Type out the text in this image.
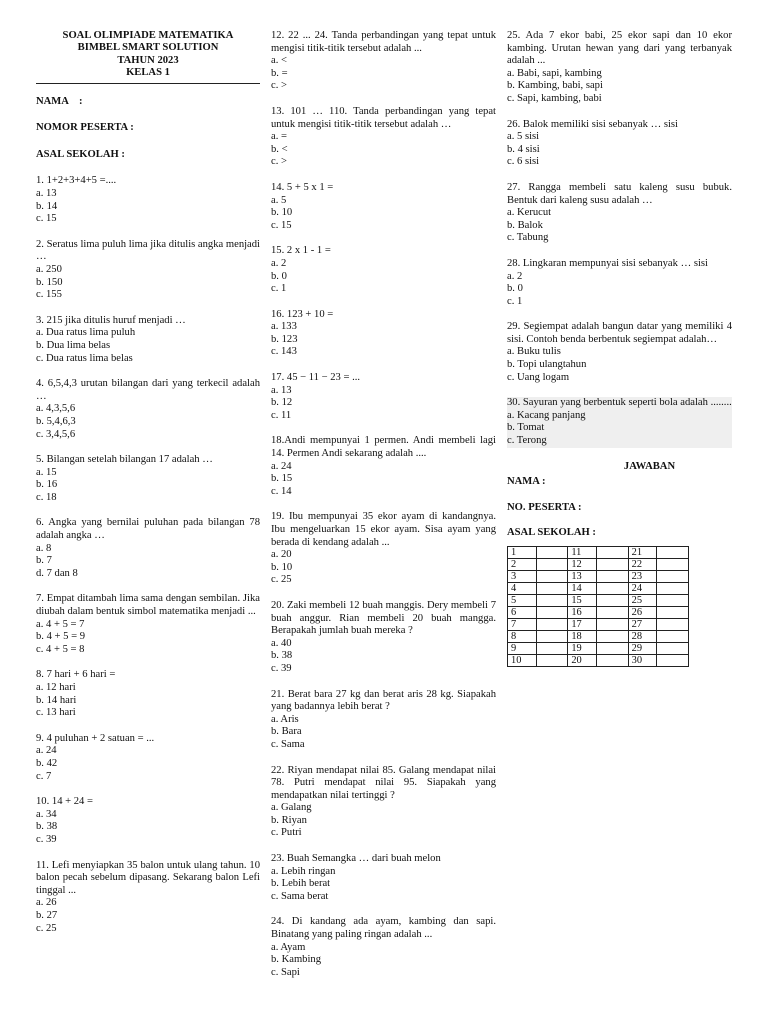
SOAL OLIMPIADE MATEMATIKA
BIMBEL SMART SOLUTION
TAHUN 2023
KELAS 1
NAMA    :
NOMOR PESERTA :
ASAL SEKOLAH :
1. 1+2+3+4+5 =....
a. 13
b. 14
c. 15
2. Seratus lima puluh lima jika ditulis angka menjadi …
a. 250
b. 150
c. 155
3. 215 jika ditulis huruf menjadi …
a. Dua ratus lima puluh
b. Dua lima belas
c. Dua ratus lima belas
4. 6,5,4,3 urutan bilangan dari yang terkecil adalah …
a. 4,3,5,6
b. 5,4,6,3
c. 3,4,5,6
5. Bilangan setelah bilangan 17 adalah …
a. 15
b. 16
c. 18
6. Angka yang bernilai puluhan pada bilangan 78 adalah angka …
a. 8
b. 7
d. 7 dan 8
7. Empat ditambah lima sama dengan sembilan. Jika diubah dalam bentuk simbol matematika menjadi ...
a. 4 + 5 = 7
b. 4 + 5 = 9
c. 4 + 5 = 8
8. 7 hari + 6 hari =
a. 12 hari
b. 14 hari
c. 13 hari
9. 4 puluhan + 2 satuan = ...
a. 24
b. 42
c. 7
10. 14 + 24 =
a. 34
b. 38
c. 39
11. Lefi menyiapkan 35 balon untuk ulang tahun. 10 balon pecah sebelum dipasang. Sekarang balon Lefi tinggal ...
a. 26
b. 27
c. 25
12. 22 ... 24. Tanda perbandingan yang tepat untuk mengisi titik-titik tersebut adalah ...
a. <
b. =
c. >
13. 101 … 110. Tanda perbandingan yang tepat untuk mengisi titik-titik tersebut adalah …
a. =
b. <
c. >
14. 5 + 5 x 1 =
a. 5
b. 10
c. 15
15. 2 x 1 - 1 =
a. 2
b. 0
c. 1
16. 123 + 10 =
a. 133
b. 123
c. 143
17. 45 − 11 − 23 = ...
a. 13
b. 12
c. 11
18.Andi mempunyai 1 permen. Andi membeli lagi 14. Permen Andi sekarang adalah ....
a. 24
b. 15
c. 14
19. Ibu mempunyai 35 ekor ayam di kandangnya. Ibu mengeluarkan 15 ekor ayam. Sisa ayam yang berada di kendang adalah ...
a. 20
b. 10
c. 25
20. Zaki membeli 12 buah manggis. Dery membeli 7 buah anggur. Rian membeli 20 buah mangga. Berapakah jumlah buah mereka ?
a. 40
b. 38
c. 39
21. Berat bara 27 kg dan berat aris 28 kg. Siapakah yang badannya lebih berat ?
a. Aris
b. Bara
c. Sama
22. Riyan mendapat nilai 85. Galang mendapat nilai 78. Putri mendapat nilai 95. Siapakah yang mendapatkan nilai tertinggi ?
a. Galang
b. Riyan
c. Putri
23. Buah Semangka … dari buah melon
a. Lebih ringan
b. Lebih berat
c. Sama berat
24. Di kandang ada ayam, kambing dan sapi. Binatang yang paling ringan adalah ...
a. Ayam
b. Kambing
c. Sapi
25. Ada 7 ekor babi, 25 ekor sapi dan 10 ekor kambing. Urutan hewan yang dari yang terbanyak adalah ...
a. Babi, sapi, kambing
b. Kambing, babi, sapi
c. Sapi, kambing, babi
26. Balok memiliki sisi sebanyak … sisi
a. 5 sisi
b. 4 sisi
c. 6 sisi
27. Rangga membeli satu kaleng susu bubuk. Bentuk dari kaleng susu adalah …
a. Kerucut
b. Balok
c. Tabung
28. Lingkaran mempunyai sisi sebanyak … sisi
a. 2
b. 0
c. 1
29. Segiempat adalah bangun datar yang memiliki 4 sisi. Contoh benda berbentuk segiempat adalah…
a. Buku tulis
b. Topi ulangtahun
c. Uang logam
30. Sayuran yang berbentuk seperti bola adalah ........
a. Kacang panjang
b. Tomat
c. Terong
JAWABAN
NAMA :
NO. PESERTA :
ASAL SEKOLAH :
1		11		21	
2		12		22	
3		13		23	
4		14		24	
5		15		25	
6		16		26	
7		17		27	
8		18		28	
9		19		29	
10		20		30	
